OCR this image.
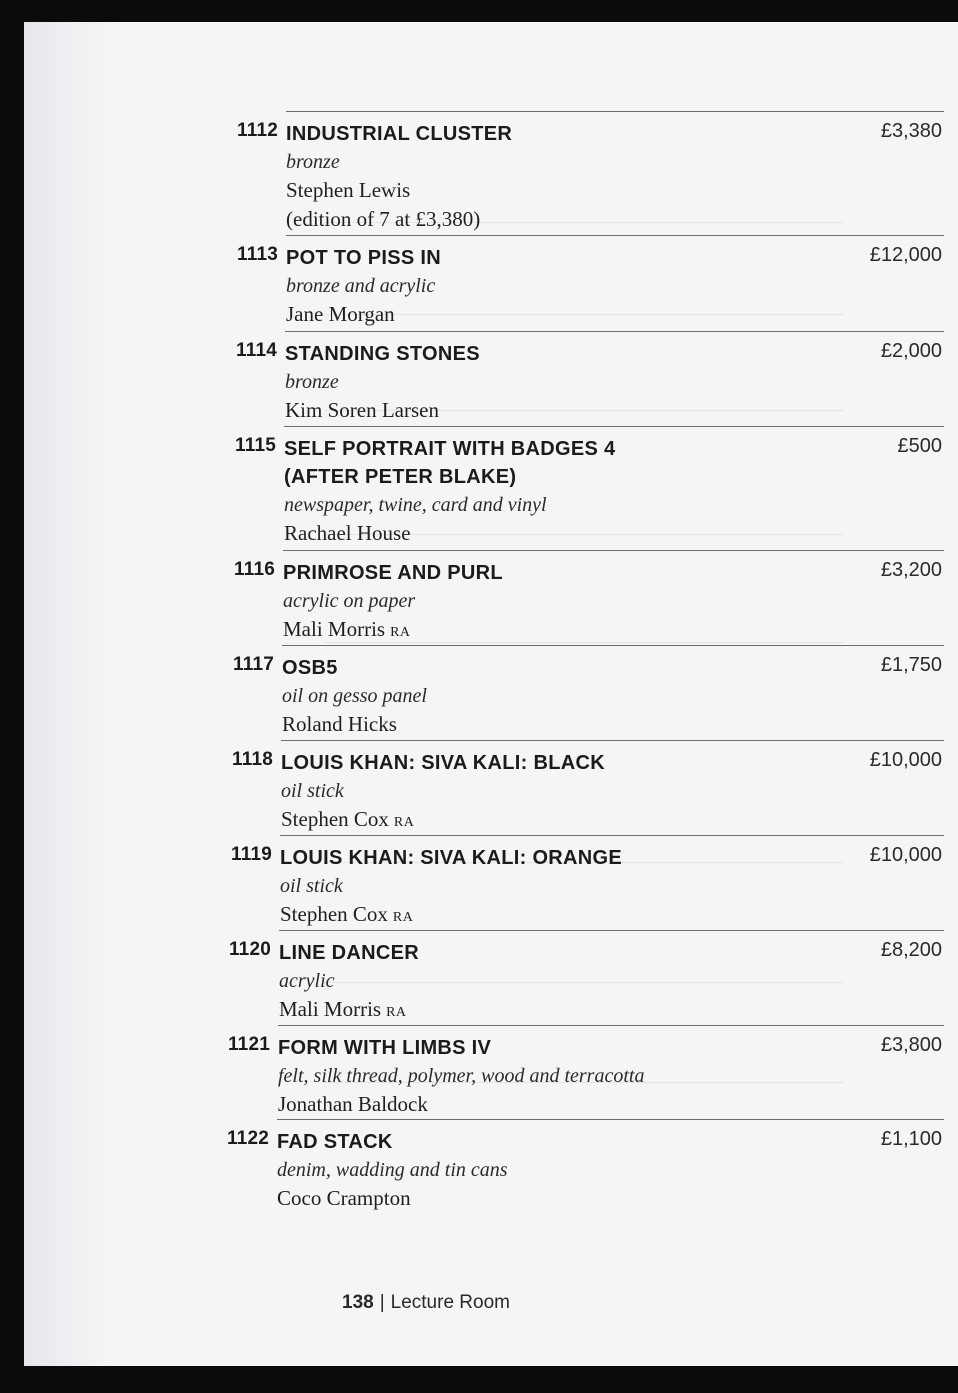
1112 INDUSTRIAL CLUSTER
bronze
Stephen Lewis
(edition of 7 at £3,380)
£3,380
1113 POT TO PISS IN
bronze and acrylic
Jane Morgan
£12,000
1114 STANDING STONES
bronze
Kim Soren Larsen
£2,000
1115 SELF PORTRAIT WITH BADGES 4
(AFTER PETER BLAKE)
newspaper, twine, card and vinyl
Rachael House
£500
1116 PRIMROSE AND PURL
acrylic on paper
Mali Morris RA
£3,200
1117 OSB5
oil on gesso panel
Roland Hicks
£1,750
1118 LOUIS KHAN: SIVA KALI: BLACK
oil stick
Stephen Cox RA
£10,000
1119 LOUIS KHAN: SIVA KALI: ORANGE
oil stick
Stephen Cox RA
£10,000
1120 LINE DANCER
acrylic
Mali Morris RA
£8,200
1121 FORM WITH LIMBS IV
felt, silk thread, polymer, wood and terracotta
Jonathan Baldock
£3,800
1122 FAD STACK
denim, wadding and tin cans
Coco Crampton
£1,100
138 | Lecture Room
